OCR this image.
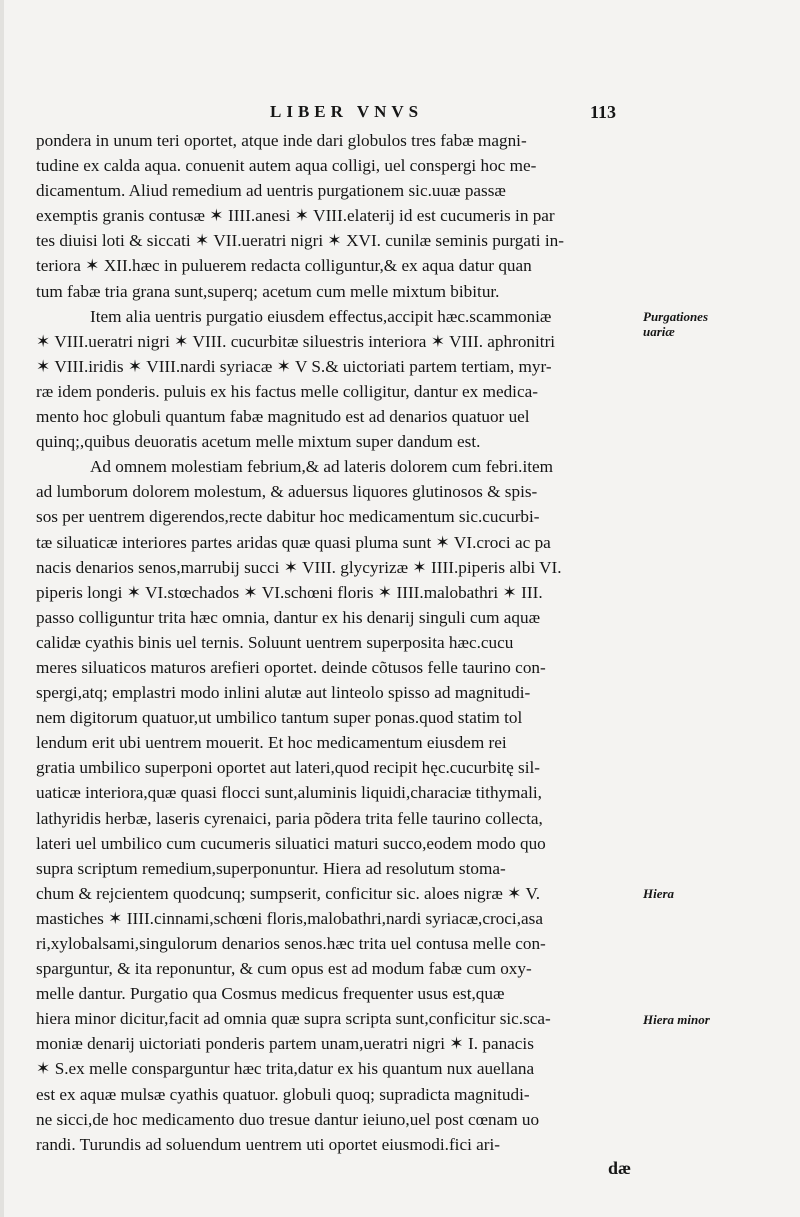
LIBER VNVS	113
pondera in unum teri oportet, atque inde dari globulos tres fabæ magni-
tudine ex calda aqua. conuenit autem aqua colligi, uel conspergi hoc me-
dicamentum. Aliud remedium ad uentris purgationem sic.uuæ passæ
exemptis granis contusæ ✶ IIII.anesi ✶ VIII.elaterij id est cucumeris in par
tes diuisi loti & siccati ✶ VII.ueratri nigri ✶ XVI. cunilæ seminis purgati in-
teriora ✶ XII.hæc in puluerem redacta colliguntur,& ex aqua datur quan
tum fabæ tria grana sunt,superq; acetum cum melle mixtum bibitur.
Item alia uentris purgatio eiusdem effectus,accipit hæc.scammoniæ
✶ VIII.ueratri nigri ✶ VIII. cucurbitæ siluestris interiora ✶ VIII. aphronitri
✶ VIII.iridis ✶ VIII.nardi syriacæ ✶ V S.& uictoriati partem tertiam, myr-
ræ idem ponderis. puluis ex his factus melle colligitur, dantur ex medica-
mento hoc globuli quantum fabæ magnitudo est ad denarios quatuor uel
quinq;,quibus deuoratis acetum melle mixtum super dandum est.
Ad omnem molestiam febrium,& ad lateris dolorem cum febri.item
ad lumborum dolorem molestum, & aduersus liquores glutinosos & spis-
sos per uentrem digerendos,recte dabitur hoc medicamentum sic.cucurbi-
tæ siluaticæ interiores partes aridas quæ quasi pluma sunt ✶ VI.croci ac pa
nacis denarios senos,marrubij succi ✶ VIII. glycyrizæ ✶ IIII.piperis albi VI.
piperis longi ✶ VI.stœchados ✶ VI.schœni floris ✶ IIII.malobathri ✶ III.
passo colliguntur trita hæc omnia, dantur ex his denarij singuli cum aquæ
calidæ cyathis binis uel ternis. Soluunt uentrem superposita hæc.cucu
meres siluaticos maturos arefieri oportet. deinde cõtusos felle taurino con-
spergi,atq; emplastri modo inlini alutæ aut linteolo spisso ad magnitudi-
nem digitorum quatuor,ut umbilico tantum super ponas.quod statim tol
lendum erit ubi uentrem mouerit. Et hoc medicamentum eiusdem rei
gratia umbilico superponi oportet aut lateri,quod recipit hęc.cucurbitę sil-
uaticæ interiora,quæ quasi flocci sunt,aluminis liquidi,characiæ tithymali,
lathyridis herbæ, laseris cyrenaici, paria põdera trita felle taurino collecta,
lateri uel umbilico cum cucumeris siluatici maturi succo,eodem modo quo
supra scriptum remedium,superponuntur. Hiera ad resolutum stoma-
chum & rejcientem quodcunq; sumpserit, conficitur sic. aloes nigræ ✶ V.
mastiches ✶ IIII.cinnami,schœni floris,malobathri,nardi syriacæ,croci,asa
ri,xylobalsami,singulorum denarios senos.hæc trita uel contusa melle con-
sparguntur, & ita reponuntur, & cum opus est ad modum fabæ cum oxy-
melle dantur. Purgatio qua Cosmus medicus frequenter usus est,quæ
hiera minor dicitur,facit ad omnia quæ supra scripta sunt,conficitur sic.sca-
moniæ denarij uictoriati ponderis partem unam,ueratri nigri ✶ I. panacis
✶ S.ex melle consparguntur hæc trita,datur ex his quantum nux auellana
est ex aquæ mulsæ cyathis quatuor. globuli quoq; supradicta magnitudi-
ne sicci,de hoc medicamento duo tresue dantur ieiuno,uel post cœnam uo
randi. Turundis ad soluendum uentrem uti oportet eiusmodi.fici ari-
Purgationes
uariæ
Hiera
Hiera minor
dæ
